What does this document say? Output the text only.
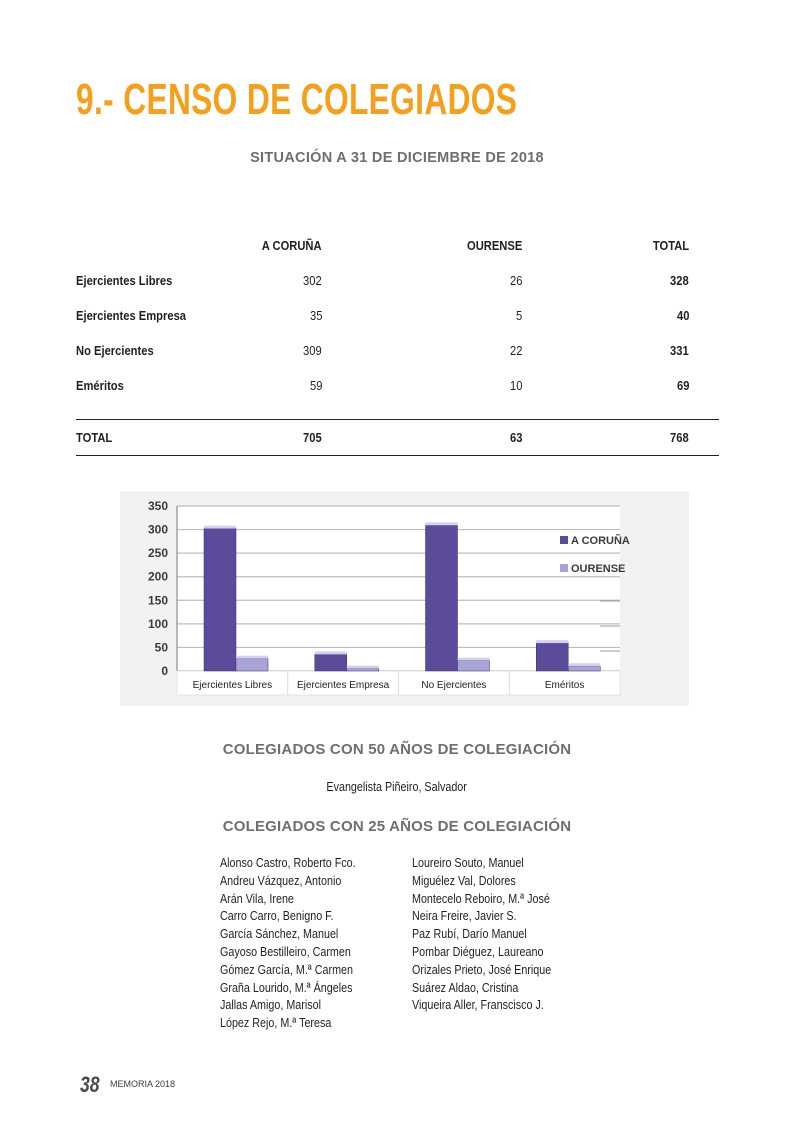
9.- CENSO DE COLEGIADOS
SITUACIÓN A 31 DE DICIEMBRE DE 2018
	A CORUÑA	OURENSE	TOTAL	
Ejercientes Libres	302	26	328	
Ejercientes Empresa	35	5	40	
No Ejercientes	309	22	331	
Eméritos	59	10	69	

TOTAL	705	63	768	
0
50
100
150
200
250
300
350
Ejercientes Libres Ejercientes Empresa	No Ejercientes	Eméritos
A CORUÑA
OURENSE
COLEGIADOS CON 50 AÑOS DE COLEGIACIÓN
Evangelista Piñeiro, Salvador
COLEGIADOS CON 25 AÑOS DE COLEGIACIÓN
Alonso Castro, Roberto Fco.
Andreu Vázquez, Antonio
Arán Vila, Irene
Carro Carro, Benigno F.
García Sánchez, Manuel
Gayoso Bestilleiro, Carmen
Gómez García, M.ª Carmen
Graña Lourido, M.ª Ángeles
Jallas Amigo, Marisol
López Rejo, M.ª Teresa
Loureiro Souto, Manuel
Miguélez Val, Dolores
Montecelo Reboiro, M.ª José
Neira Freire, Javier S.
Paz Rubí, Darío Manuel
Pombar Diéguez, Laureano
Orizales Prieto, José Enrique
Suárez Aldao, Cristina
Viqueira Aller, Franscisco J.
38 MEMORIA 2018
